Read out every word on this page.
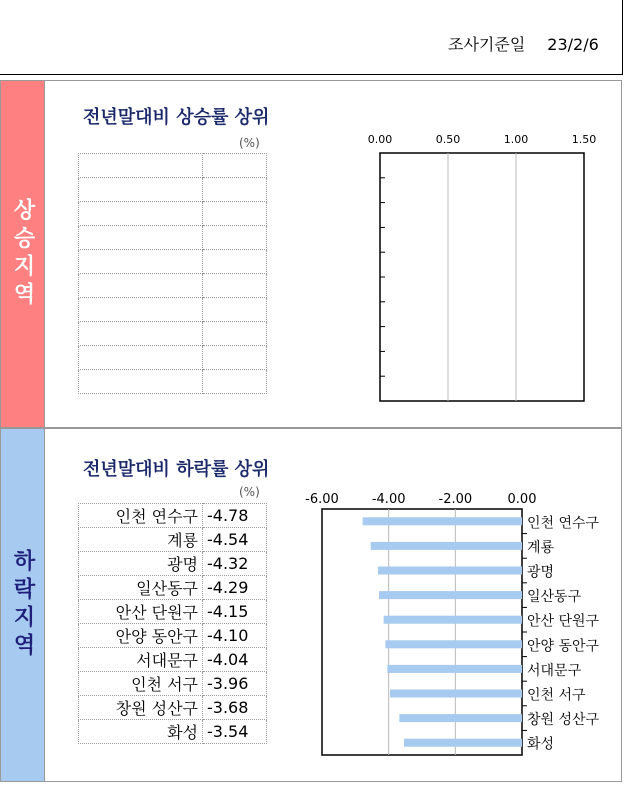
조사기준일 23/2/6
상승지역
전년말대비 상승률 상위
(%)

		0.00	0.50	1.00	1.50
하락지역
전년말대비 하락률 상위
(%)
인천 연수구	-4.78
계룡	-4.54
광명	-4.32
일산동구	-4.29
안산 단원구	-4.15
안양 동안구	-4.10
서대문구	-4.04
인천 서구	-3.96
창원 성산구	-3.68
화성	-3.54
-6.00	-4.00	-2.00	0.00
인천 연수구
계룡
광명
일산동구
안산 단원구
안양 동안구
서대문구
인천 서구
창원 성산구
화성
